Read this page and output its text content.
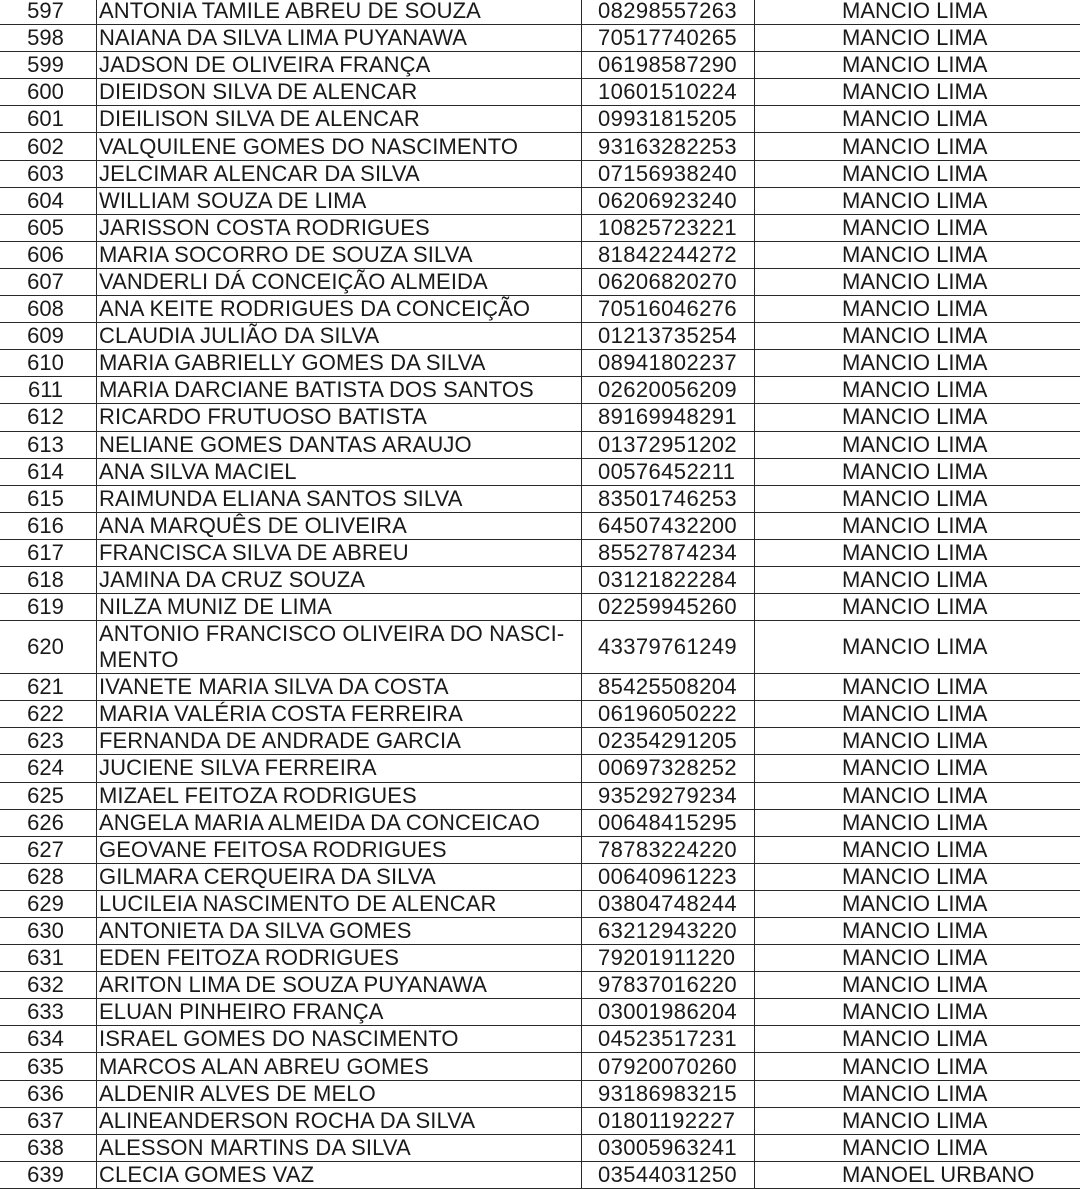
597	ANTONIA TAMILE ABREU DE SOUZA	08298557263	MANCIO LIMA
598	NAIANA DA SILVA LIMA PUYANAWA	70517740265	MANCIO LIMA
599	JADSON DE OLIVEIRA FRANÇA	06198587290	MANCIO LIMA
600	DIEIDSON SILVA DE ALENCAR	10601510224	MANCIO LIMA
601	DIEILISON SILVA DE ALENCAR	09931815205	MANCIO LIMA
602	VALQUILENE GOMES DO NASCIMENTO	93163282253	MANCIO LIMA
603	JELCIMAR ALENCAR DA SILVA	07156938240	MANCIO LIMA
604	WILLIAM SOUZA DE LIMA	06206923240	MANCIO LIMA
605	JARISSON COSTA RODRIGUES	10825723221	MANCIO LIMA
606	MARIA SOCORRO DE SOUZA SILVA	81842244272	MANCIO LIMA
607	VANDERLI DÁ CONCEIÇÃO ALMEIDA	06206820270	MANCIO LIMA
608	ANA KEITE RODRIGUES DA CONCEIÇÃO	70516046276	MANCIO LIMA
609	CLAUDIA JULIÃO DA SILVA	01213735254	MANCIO LIMA
610	MARIA GABRIELLY GOMES DA SILVA	08941802237	MANCIO LIMA
611	MARIA DARCIANE BATISTA DOS SANTOS	02620056209	MANCIO LIMA
612	RICARDO FRUTUOSO BATISTA	89169948291	MANCIO LIMA
613	NELIANE GOMES DANTAS ARAUJO	01372951202	MANCIO LIMA
614	ANA SILVA MACIEL	00576452211	MANCIO LIMA
615	RAIMUNDA ELIANA SANTOS SILVA	83501746253	MANCIO LIMA
616	ANA MARQUÊS DE OLIVEIRA	64507432200	MANCIO LIMA
617	FRANCISCA SILVA DE ABREU	85527874234	MANCIO LIMA
618	JAMINA DA CRUZ SOUZA	03121822284	MANCIO LIMA
619	NILZA MUNIZ DE LIMA	02259945260	MANCIO LIMA
620	ANTONIO FRANCISCO OLIVEIRA DO NASCI-MENTO	43379761249	MANCIO LIMA
621	IVANETE MARIA SILVA DA COSTA	85425508204	MANCIO LIMA
622	MARIA VALÉRIA COSTA FERREIRA	06196050222	MANCIO LIMA
623	FERNANDA DE ANDRADE GARCIA	02354291205	MANCIO LIMA
624	JUCIENE SILVA FERREIRA	00697328252	MANCIO LIMA
625	MIZAEL FEITOZA RODRIGUES	93529279234	MANCIO LIMA
626	ANGELA MARIA ALMEIDA DA CONCEICAO	00648415295	MANCIO LIMA
627	GEOVANE FEITOSA RODRIGUES	78783224220	MANCIO LIMA
628	GILMARA CERQUEIRA DA SILVA	00640961223	MANCIO LIMA
629	LUCILEIA NASCIMENTO DE ALENCAR	03804748244	MANCIO LIMA
630	ANTONIETA DA SILVA GOMES	63212943220	MANCIO LIMA
631	EDEN FEITOZA RODRIGUES	79201911220	MANCIO LIMA
632	ARITON LIMA DE SOUZA PUYANAWA	97837016220	MANCIO LIMA
633	ELUAN PINHEIRO FRANÇA	03001986204	MANCIO LIMA
634	ISRAEL GOMES DO NASCIMENTO	04523517231	MANCIO LIMA
635	MARCOS ALAN ABREU GOMES	07920070260	MANCIO LIMA
636	ALDENIR ALVES DE MELO	93186983215	MANCIO LIMA
637	ALINEANDERSON ROCHA DA SILVA	01801192227	MANCIO LIMA
638	ALESSON MARTINS DA SILVA	03005963241	MANCIO LIMA
639	CLECIA GOMES VAZ	03544031250	MANOEL URBANO
